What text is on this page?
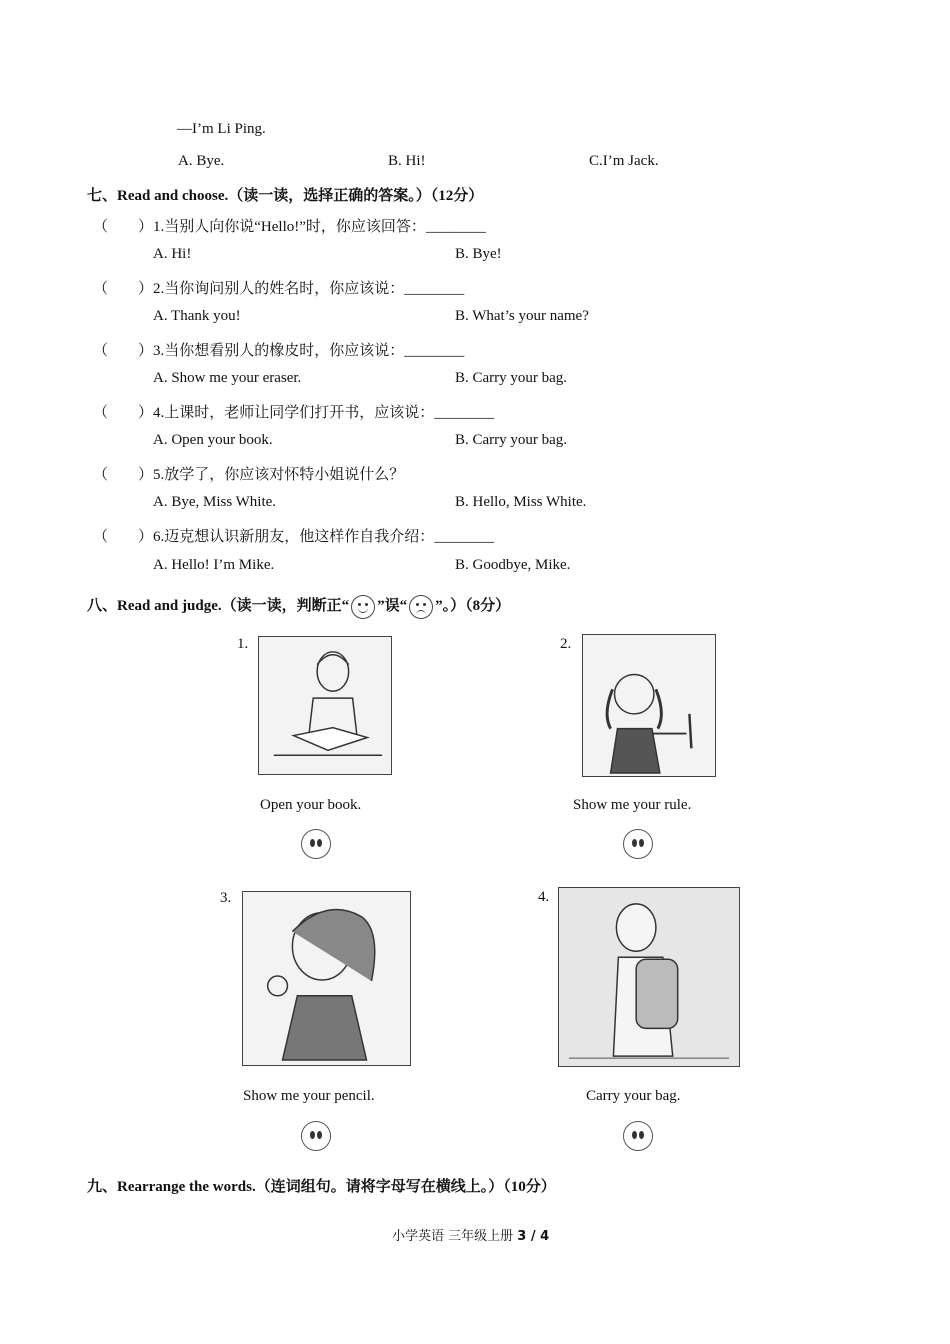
—I’m Li Ping.
A. Bye.	B. Hi!	C.I’m Jack.
七、Read and choose.（读一读，选择正确的答案。）（12分）
（ ） 1.当别人向你说“Hello!”时，你应该回答：________
A. Hi!	B. Bye!
（ ） 2.当你询问别人的姓名时，你应该说：________
A. Thank you!	B. What’s your name?
（ ） 3.当你想看别人的橡皮时，你应该说：________
A. Show me your eraser.	B. Carry your bag.
（ ） 4.上课时，老师让同学们打开书，应该说：________
A. Open your book.	B. Carry your bag.
（ ） 5.放学了，你应该对怀特小姐说什么？
A. Bye, Miss White.	B. Hello, Miss White.
（ ） 6.迈克想认识新朋友，他这样作自我介绍：________
A. Hello! I’m Mike.	B. Goodbye, Mike.
八、Read and judge.（读一读，判断正“ ”误“ ”。）（8分）
1.
Open your book.
2.
Show me your rule.
3.
Show me your pencil.
4.
Carry your bag.
九、Rearrange the words.（连词组句。请将字母写在横线上。）（10分）
小学英语 三年级上册 3 / 4
